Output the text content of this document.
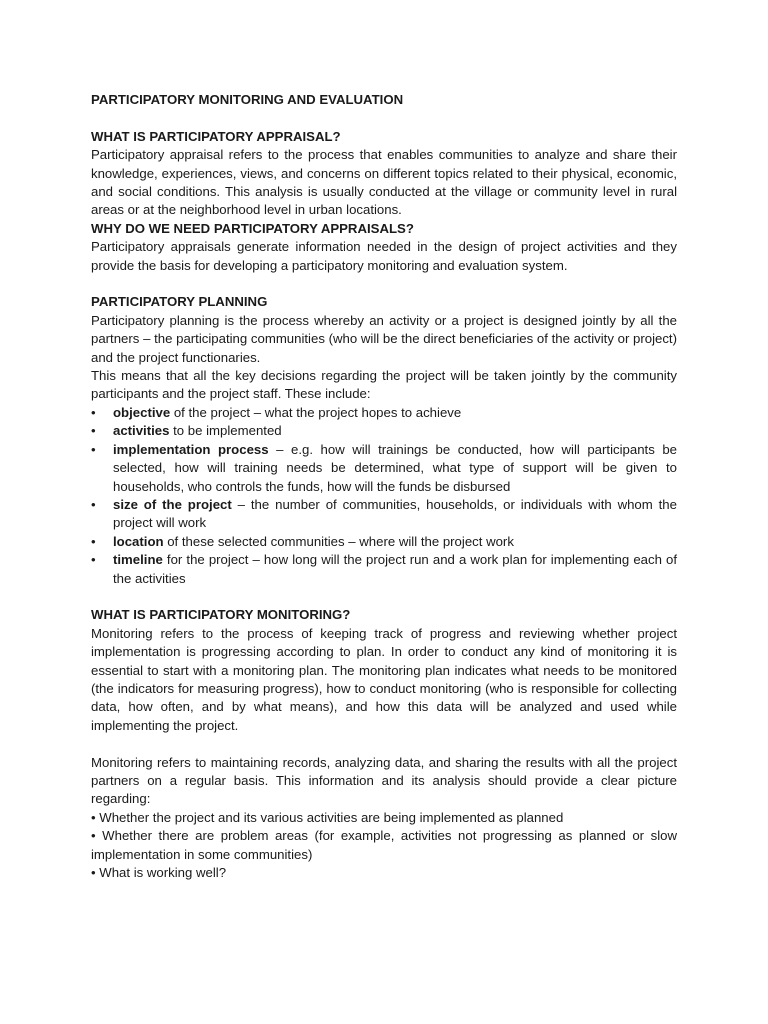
PARTICIPATORY MONITORING AND EVALUATION

WHAT IS PARTICIPATORY APPRAISAL?

Participatory appraisal refers to the process that enables communities to analyze and share their knowledge, experiences, views, and concerns on different topics related to their physical, economic, and social conditions. This analysis is usually conducted at the village or community level in rural areas or at the neighborhood level in urban locations.

WHY DO WE NEED PARTICIPATORY APPRAISALS?

Participatory appraisals generate information needed in the design of project activities and they provide the basis for developing a participatory monitoring and evaluation system.

PARTICIPATORY PLANNING

Participatory planning is the process whereby an activity or a project is designed jointly by all the partners – the participating communities (who will be the direct beneficiaries of the activity or project) and the project functionaries.

This means that all the key decisions regarding the project will be taken jointly by the community participants and the project staff. These include:

• objective of the project – what the project hopes to achieve
• activities to be implemented
• implementation process – e.g. how will trainings be conducted, how will participants be selected, how will training needs be determined, what type of support will be given to households, who controls the funds, how will the funds be disbursed
• size of the project – the number of communities, households, or individuals with whom the project will work
• location of these selected communities – where will the project work
• timeline for the project – how long will the project run and a work plan for implementing each of the activities

WHAT IS PARTICIPATORY MONITORING?

Monitoring refers to the process of keeping track of progress and reviewing whether project implementation is progressing according to plan. In order to conduct any kind of monitoring it is essential to start with a monitoring plan. The monitoring plan indicates what needs to be monitored (the indicators for measuring progress), how to conduct monitoring (who is responsible for collecting data, how often, and by what means), and how this data will be analyzed and used while implementing the project.

Monitoring refers to maintaining records, analyzing data, and sharing the results with all the project partners on a regular basis. This information and its analysis should provide a clear picture regarding:

• Whether the project and its various activities are being implemented as planned

• Whether there are problem areas (for example, activities not progressing as planned or slow implementation in some communities)

• What is working well?
